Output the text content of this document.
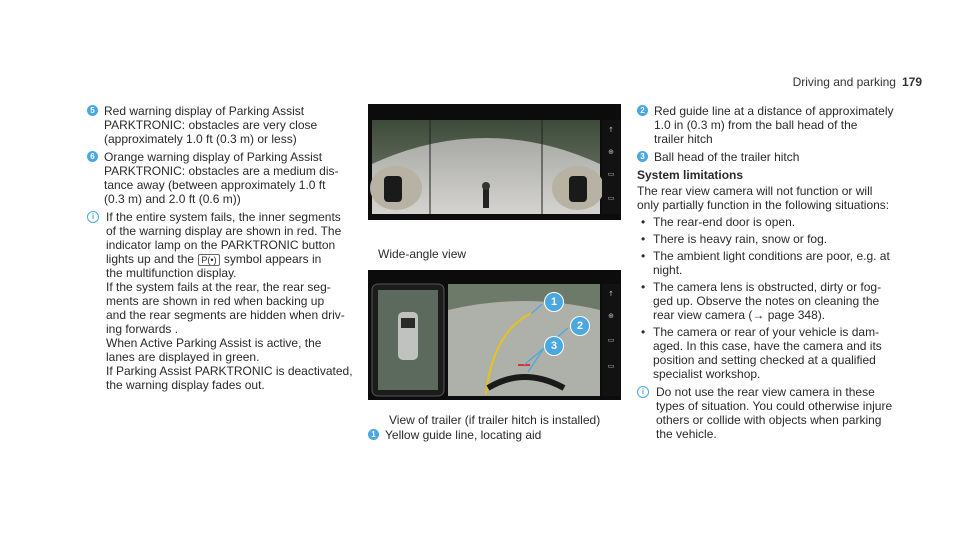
Driving and parking 179
5 Red warning display of Parking Assist
PARKTRONIC: obstacles are very close
(approximately 1.0 ft (0.3 m) or less)
6 Orange warning display of Parking Assist
PARKTRONIC: obstacles are a medium dis-
tance away (between approximately 1.0 ft
(0.3 m) and 2.0 ft (0.6 m))
i If the entire system fails, the inner segments
of the warning display are shown in red. The
indicator lamp on the PARKTRONIC button
lights up and the P(•) symbol appears in
the multifunction display.
If the system fails at the rear, the rear seg-
ments are shown in red when backing up
and the rear segments are hidden when driv-
ing forwards .
When Active Parking Assist is active, the
lanes are displayed in green.
If Parking Assist PARKTRONIC is deactivated,
the warning display fades out.
↑
⊕
▭
▭
Wide-angle view
↑
⊕
▭
▭
1
2
3
View of trailer (if trailer hitch is installed)
1 Yellow guide line, locating aid
2 Red guide line at a distance of approximately
1.0 in (0.3 m) from the ball head of the
trailer hitch
3 Ball head of the trailer hitch
System limitations
The rear view camera will not function or will
only partially function in the following situations:
• The rear-end door is open.
• There is heavy rain, snow or fog.
• The ambient light conditions are poor, e.g. at
night.
• The camera lens is obstructed, dirty or fog-
ged up. Observe the notes on cleaning the
rear view camera (→ page 348).
• The camera or rear of your vehicle is dam-
aged. In this case, have the camera and its
position and setting checked at a qualified
specialist workshop.
i Do not use the rear view camera in these
types of situation. You could otherwise injure
others or collide with objects when parking
the vehicle.
